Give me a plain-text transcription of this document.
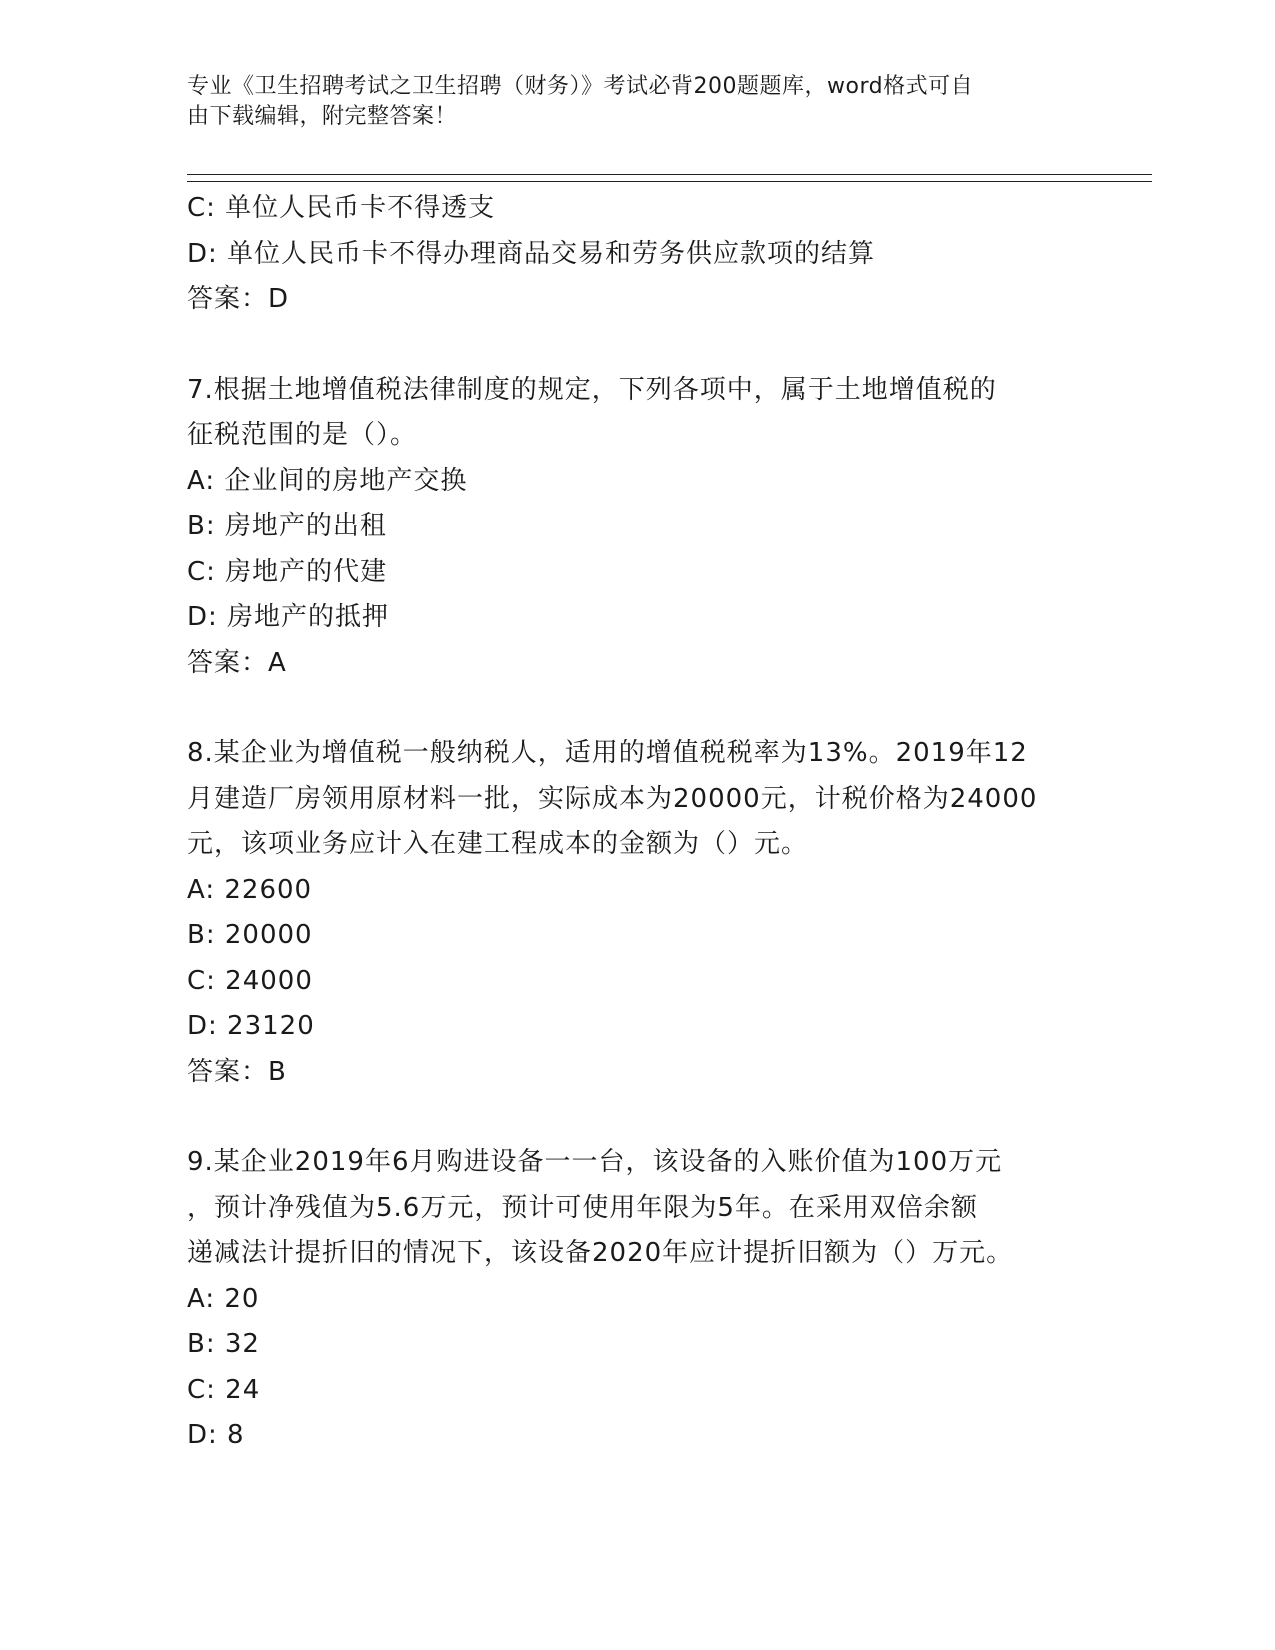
专业《卫生招聘考试之卫生招聘（财务）》考试必背200题题库，word格式可自
由下载编辑，附完整答案！
C: 单位人民币卡不得透支
D: 单位人民币卡不得办理商品交易和劳务供应款项的结算
答案：D
7.根据土地增值税法律制度的规定，下列各项中，属于土地增值税的
征税范围的是（）。
A: 企业间的房地产交换
B: 房地产的出租
C: 房地产的代建
D: 房地产的抵押
答案：A
8.某企业为增值税一般纳税人，适用的增值税税率为13%。2019年12
月建造厂房领用原材料一批，实际成本为20000元，计税价格为24000
元，该项业务应计入在建工程成本的金额为（）元。
A: 22600
B: 20000
C: 24000
D: 23120
答案：B
9.某企业2019年6月购进设备一一台，该设备的入账价值为100万元
，预计净残值为5.6万元，预计可使用年限为5年。在采用双倍余额
递减法计提折旧的情况下，该设备2020年应计提折旧额为（）万元。
A: 20
B: 32
C: 24
D: 8
